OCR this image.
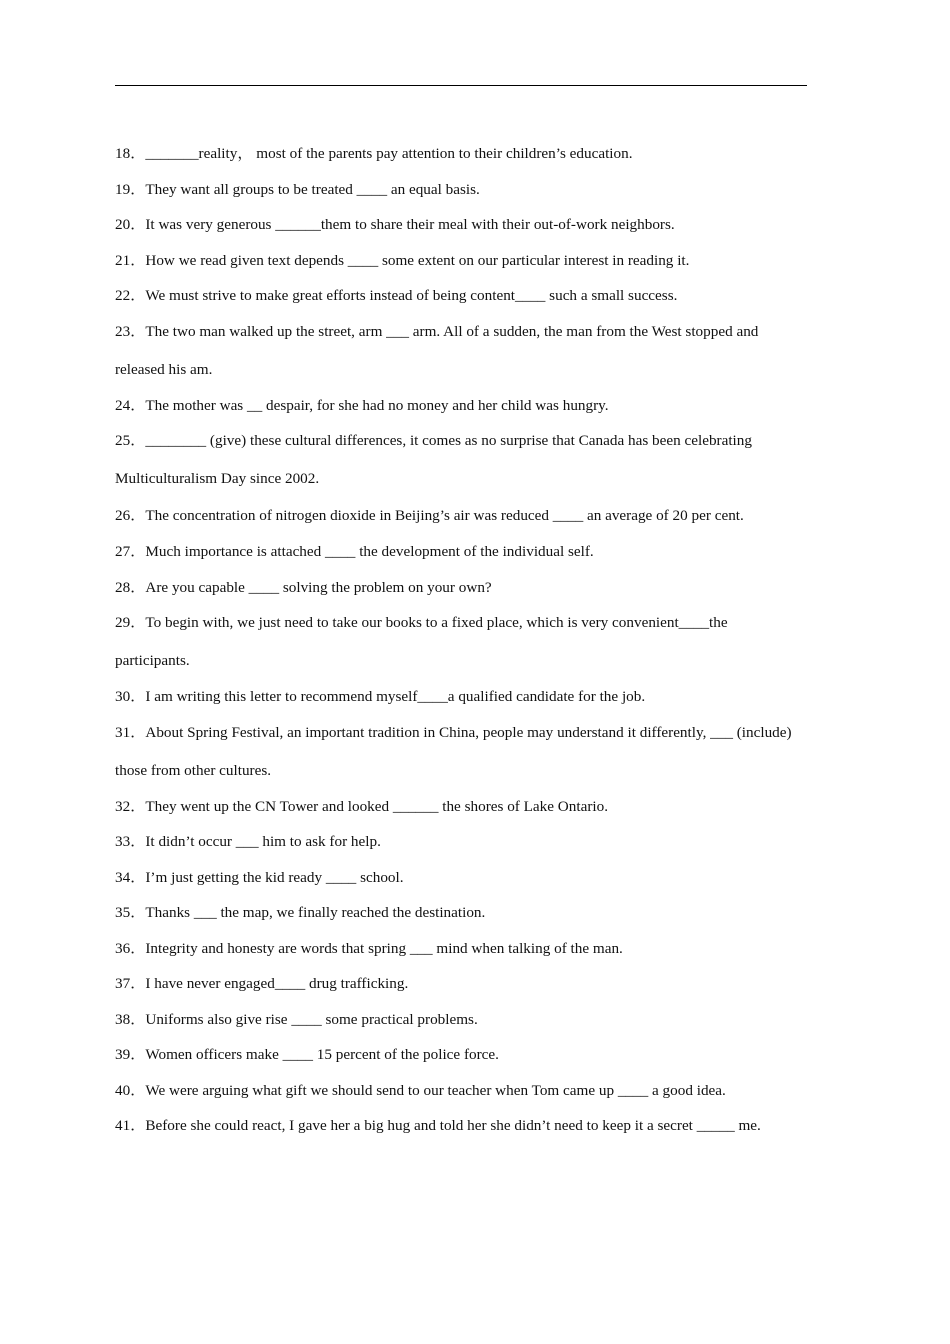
18．_______reality， most of the parents pay attention to their children’s education.

19．They want all groups to be treated ____ an equal basis.

20．It was very generous ______them to share their meal with their out-of-work neighbors.

21．How we read given text depends ____ some extent on our particular interest in reading it.

22．We must strive to make great efforts instead of being content____ such a small success.

23．The two man walked up the street, arm ___ arm. All of a sudden, the man from the West stopped and released his am.

24．The mother was __ despair, for she had no money and her child was hungry.

25．________ (give) these cultural differences, it comes as no surprise that Canada has been celebrating Multiculturalism Day since 2002.

26．The concentration of nitrogen dioxide in Beijing’s air was reduced ____ an average of 20 per cent.

27．Much importance is attached ____ the development of the individual self.

28．Are you capable ____ solving the problem on your own?

29．To begin with, we just need to take our books to a fixed place, which is very convenient____the participants.

30．I am writing this letter to recommend myself____a qualified candidate for the job.

31．About Spring Festival, an important tradition in China, people may understand it differently, ___ (include) those from other cultures.

32．They went up the CN Tower and looked ______ the shores of Lake Ontario.

33．It didn’t occur ___ him to ask for help.

34．I’m just getting the kid ready ____ school.

35．Thanks ___ the map, we finally reached the destination.

36．Integrity and honesty are words that spring ___ mind when talking of the man.

37．I have never engaged____ drug trafficking.

38．Uniforms also give rise ____ some practical problems.

39．Women officers make ____ 15 percent of the police force.

40．We were arguing what gift we should send to our teacher when Tom came up ____ a good idea.

41．Before she could react, I gave her a big hug and told her she didn’t need to keep it a secret _____ me.
